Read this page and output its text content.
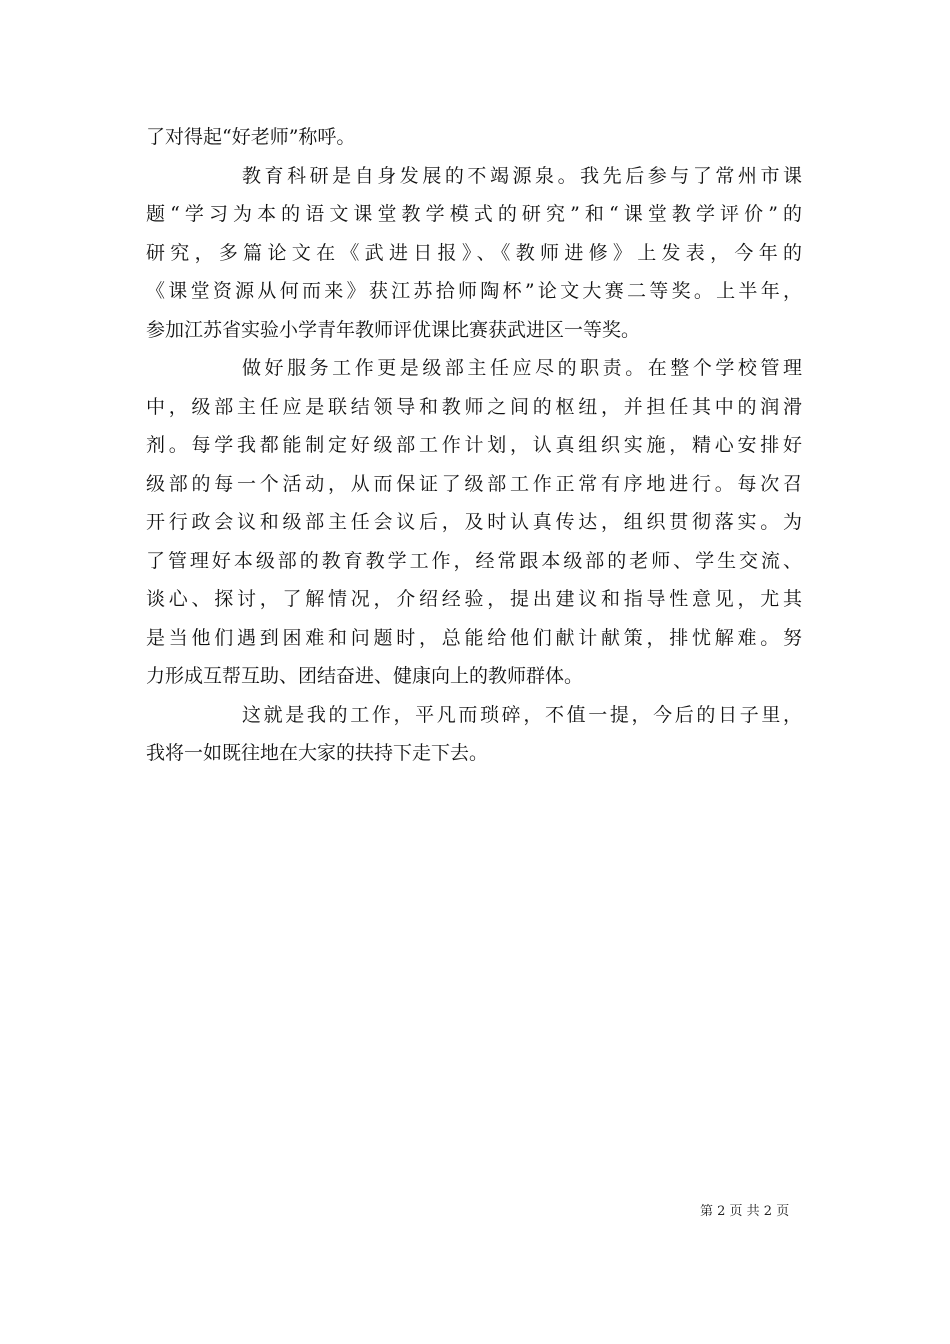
了对得起“好老师”称呼。
教育科研是自身发展的不竭源泉。我先后参与了常州市课
题“学习为本的语文课堂教学模式的研究”和“课堂教学评价”的
研究，多篇论文在《武进日报》、《教师进修》上发表，今年的
《课堂资源从何而来》获江苏拾师陶杯”论文大赛二等奖。上半年，
参加江苏省实验小学青年教师评优课比赛获武进区一等奖。
做好服务工作更是级部主任应尽的职责。在整个学校管理
中，级部主任应是联结领导和教师之间的枢纽，并担任其中的润滑
剂。每学我都能制定好级部工作计划，认真组织实施，精心安排好
级部的每一个活动，从而保证了级部工作正常有序地进行。每次召
开行政会议和级部主任会议后，及时认真传达，组织贯彻落实。为
了管理好本级部的教育教学工作，经常跟本级部的老师、学生交流、
谈心、探讨，了解情况，介绍经验，提出建议和指导性意见，尤其
是当他们遇到困难和问题时，总能给他们献计献策，排忧解难。努
力形成互帮互助、团结奋进、健康向上的教师群体。
这就是我的工作，平凡而琐碎，不值一提，今后的日子里，
我将一如既往地在大家的扶持下走下去。
第 2 页 共 2 页
